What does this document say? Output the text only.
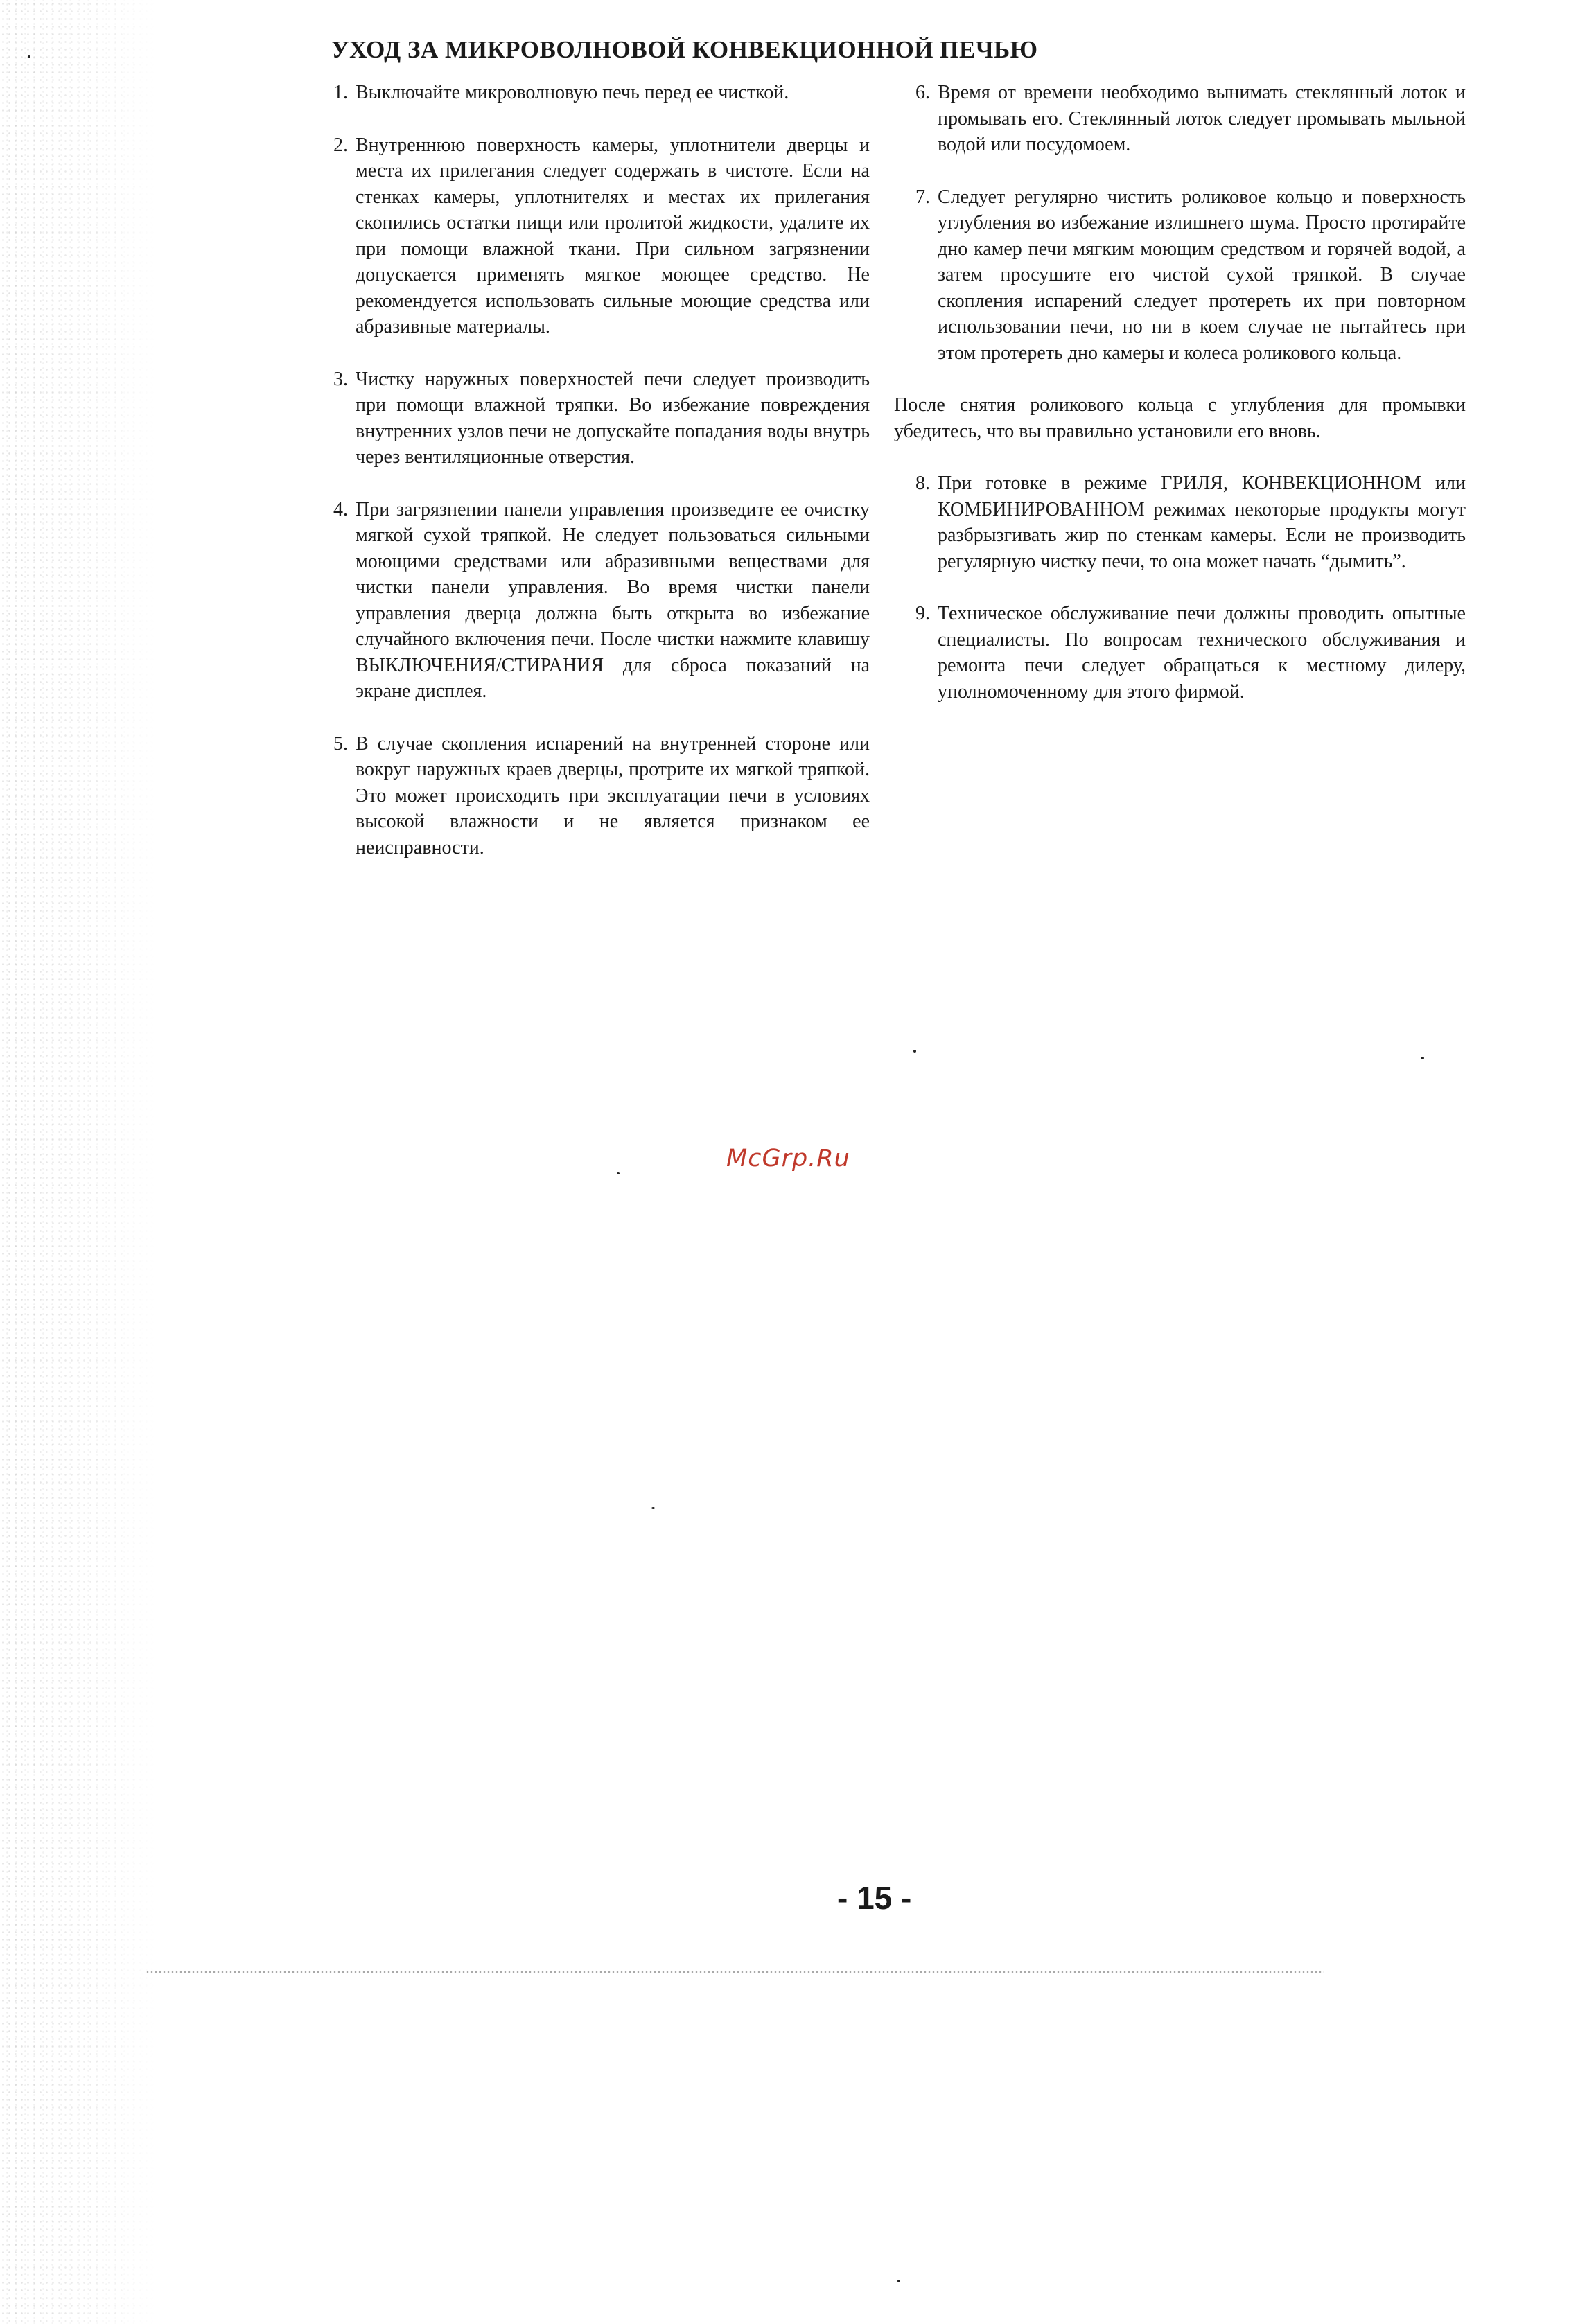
УХОД ЗА МИКРОВОЛНОВОЙ КОНВЕКЦИОННОЙ ПЕЧЬЮ
1. Выключайте микроволновую печь перед ее чисткой.
2. Внутреннюю поверхность камеры, уплотнители дверцы и места их прилегания следует содержать в чистоте. Если на стенках камеры, уплотнителях и местах их прилегания скопились остатки пищи или пролитой жидкости, удалите их при помощи влажной ткани. При сильном загрязнении допускается применять мягкое моющее средство. Не рекомендуется использовать сильные моющие средства или абразивные материалы.
3. Чистку наружных поверхностей печи следует производить при помощи влажной тряпки. Во избежание повреждения внутренних узлов печи не допускайте попадания воды внутрь через вентиляционные отверстия.
4. При загрязнении панели управления произведите ее очистку мягкой сухой тряпкой. Не следует пользоваться сильными моющими средствами или абразивными веществами для чистки панели управления. Во время чистки панели управления дверца должна быть открыта во избежание случайного включения печи. После чистки нажмите клавишу ВЫКЛЮЧЕНИЯ/СТИРАНИЯ для сброса показаний на экране дисплея.
5. В случае скопления испарений на внутренней стороне или вокруг наружных краев дверцы, протрите их мягкой тряпкой. Это может происходить при эксплуатации печи в условиях высокой влажности и не является признаком ее неисправности.
6. Время от времени необходимо вынимать стеклянный лоток и промывать его. Стеклянный лоток следует промывать мыльной водой или посудомоем.
7. Следует регулярно чистить роликовое кольцо и поверхность углубления во избежание излишнего шума. Просто протирайте дно камер печи мягким моющим средством и горячей водой, а затем просушите его чистой сухой тряпкой. В случае скопления испарений следует протереть их при повторном использовании печи, но ни в коем случае не пытайтесь при этом протереть дно камеры и колеса роликового кольца.
После снятия роликового кольца с углубления для промывки убедитесь, что вы правильно установили его вновь.
8. При готовке в режиме ГРИЛЯ, КОНВЕКЦИОННОМ или КОМБИНИРОВАННОМ режимах некоторые продукты могут разбрызгивать жир по стенкам камеры. Если не производить регулярную чистку печи, то она может начать “дымить”.
9. Техническое обслуживание печи должны проводить опытные специалисты. По вопросам технического обслуживания и ремонта печи следует обращаться к местному дилеру, уполномоченному для этого фирмой.
McGrp.Ru
- 15 -
